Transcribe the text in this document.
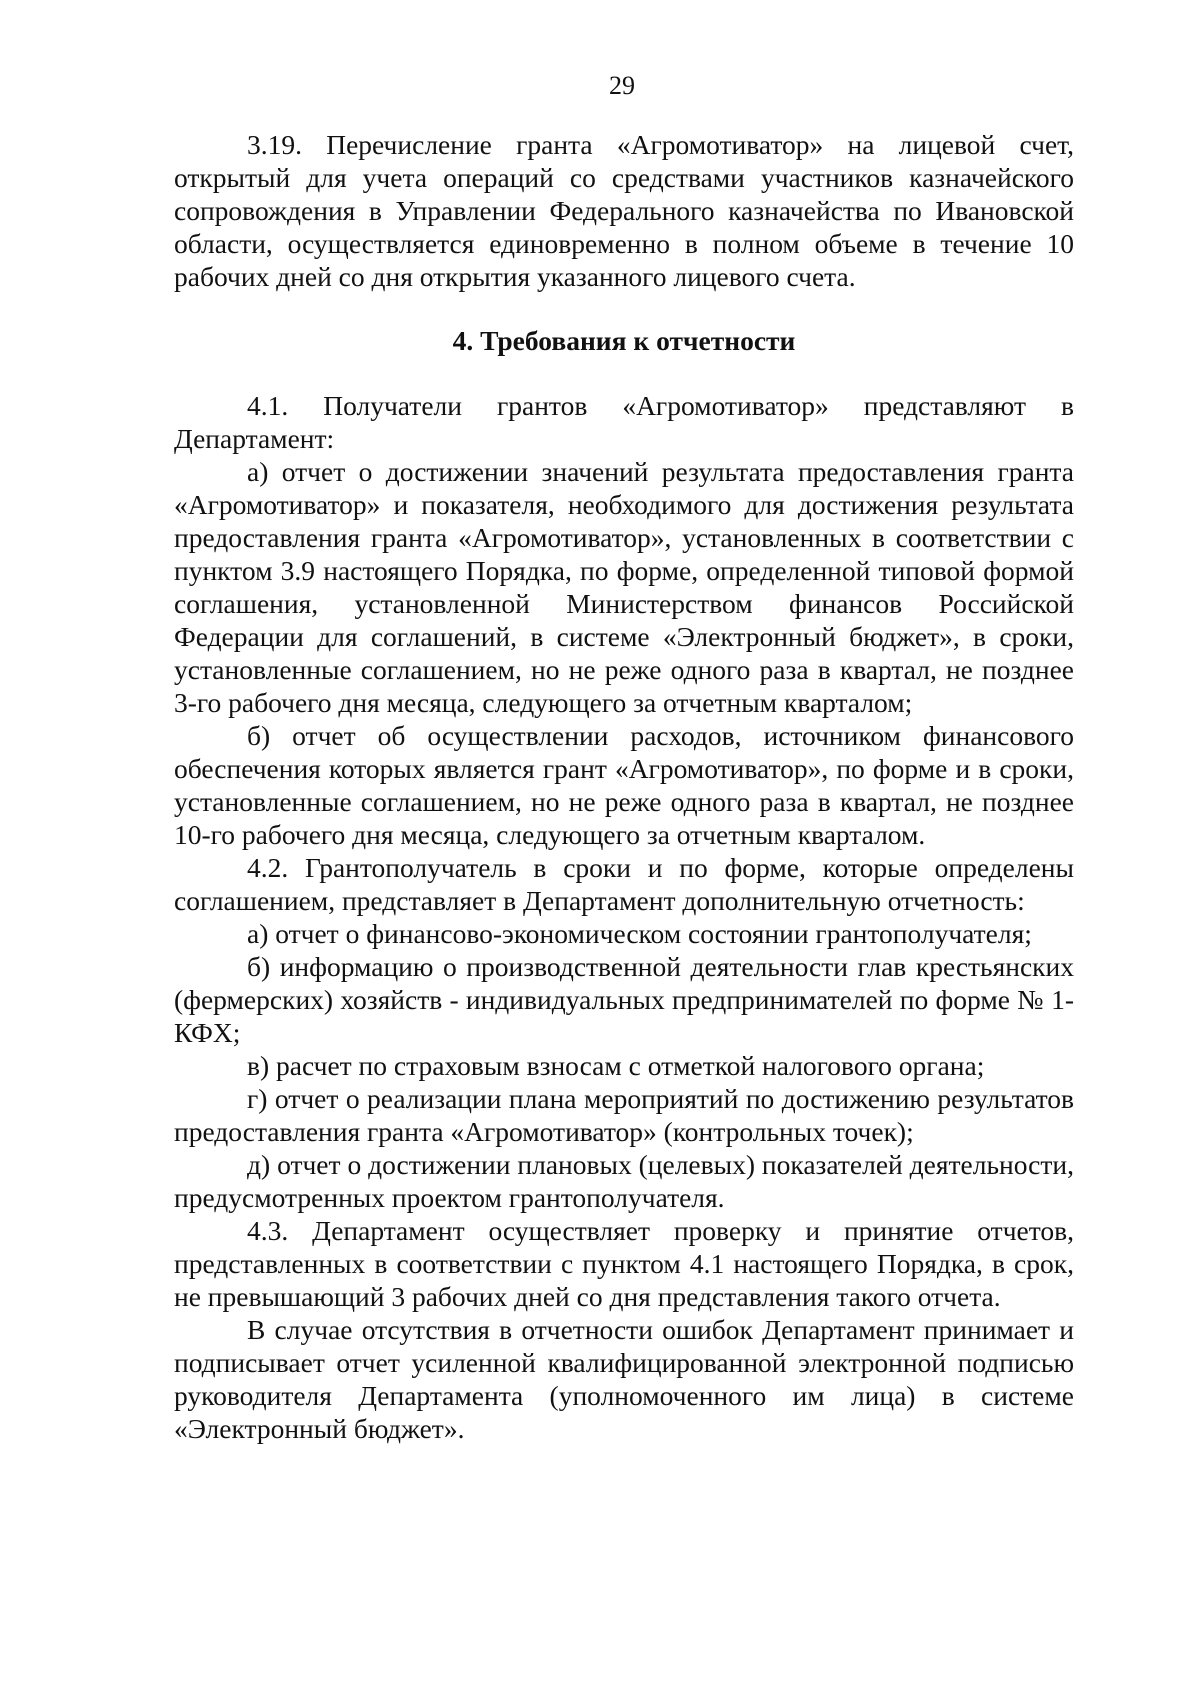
29

3.19. Перечисление гранта «Агромотиватор» на лицевой счет, открытый для учета операций со средствами участников казначейского сопровождения в Управлении Федерального казначейства по Ивановской области, осуществляется единовременно в полном объеме в течение 10 рабочих дней со дня открытия указанного лицевого счета.

4. Требования к отчетности

4.1. Получатели грантов «Агромотиватор» представляют в Департамент:

а) отчет о достижении значений результата предоставления гранта «Агромотиватор» и показателя, необходимого для достижения результата предоставления гранта «Агромотиватор», установленных в соответствии с пунктом 3.9 настоящего Порядка, по форме, определенной типовой формой соглашения, установленной Министерством финансов Российской Федерации для соглашений, в системе «Электронный бюджет», в сроки, установленные соглашением, но не реже одного раза в квартал, не позднее 3-го рабочего дня месяца, следующего за отчетным кварталом;

б) отчет об осуществлении расходов, источником финансового обеспечения которых является грант «Агромотиватор», по форме и в сроки, установленные соглашением, но не реже одного раза в квартал, не позднее 10-го рабочего дня месяца, следующего за отчетным кварталом.

4.2. Грантополучатель в сроки и по форме, которые определены соглашением, представляет в Департамент дополнительную отчетность:

а) отчет о финансово-экономическом состоянии грантополучателя;

б) информацию о производственной деятельности глав крестьянских (фермерских) хозяйств - индивидуальных предпринимателей по форме № 1-КФХ;

в) расчет по страховым взносам с отметкой налогового органа;

г) отчет о реализации плана мероприятий по достижению результатов предоставления гранта «Агромотиватор» (контрольных точек);

д) отчет о достижении плановых (целевых) показателей деятельности, предусмотренных проектом грантополучателя.

4.3. Департамент осуществляет проверку и принятие отчетов, представленных в соответствии с пунктом 4.1 настоящего Порядка, в срок, не превышающий 3 рабочих дней со дня представления такого отчета.

В случае отсутствия в отчетности ошибок Департамент принимает и подписывает отчет усиленной квалифицированной электронной подписью руководителя Департамента (уполномоченного им лица) в системе «Электронный бюджет».
